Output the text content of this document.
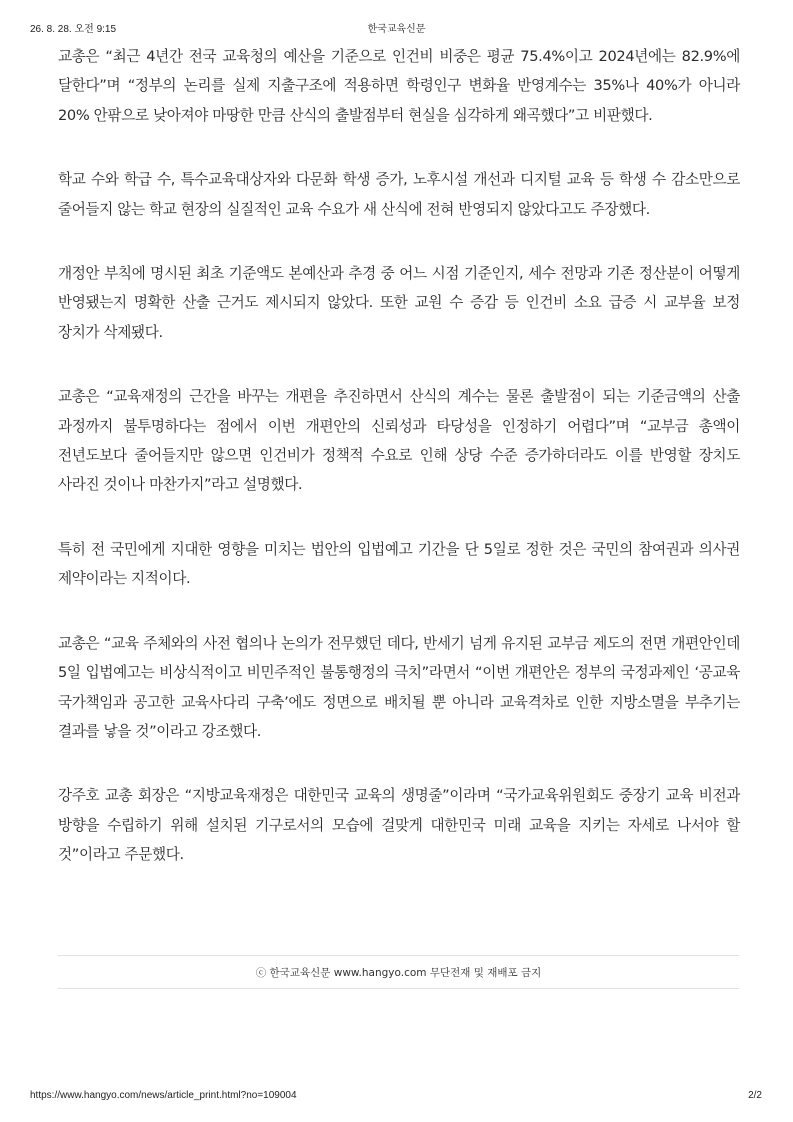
26. 8. 28. 오전 9:15	한국교육신문

교총은 “최근 4년간 전국 교육청의 예산을 기준으로 인건비 비중은 평균 75.4%이고 2024년에는 82.9%에 달한다”며 “정부의 논리를 실제 지출구조에 적용하면 학령인구 변화율 반영계수는 35%나 40%가 아니라 20% 안팎으로 낮아져야 마땅한 만큼 산식의 출발점부터 현실을 심각하게 왜곡했다”고 비판했다.

학교 수와 학급 수, 특수교육대상자와 다문화 학생 증가, 노후시설 개선과 디지털 교육 등 학생 수 감소만으로 줄어들지 않는 학교 현장의 실질적인 교육 수요가 새 산식에 전혀 반영되지 않았다고도 주장했다.

개정안 부칙에 명시된 최초 기준액도 본예산과 추경 중 어느 시점 기준인지, 세수 전망과 기존 정산분이 어떻게 반영됐는지 명확한 산출 근거도 제시되지 않았다. 또한 교원 수 증감 등 인건비 소요 급증 시 교부율 보정 장치가 삭제됐다.

교총은 “교육재정의 근간을 바꾸는 개편을 추진하면서 산식의 계수는 물론 출발점이 되는 기준금액의 산출 과정까지 불투명하다는 점에서 이번 개편안의 신뢰성과 타당성을 인정하기 어렵다”며 “교부금 총액이 전년도보다 줄어들지만 않으면 인건비가 정책적 수요로 인해 상당 수준 증가하더라도 이를 반영할 장치도 사라진 것이나 마찬가지”라고 설명했다.

특히 전 국민에게 지대한 영향을 미치는 법안의 입법예고 기간을 단 5일로 정한 것은 국민의 참여권과 의사권 제약이라는 지적이다.

교총은 “교육 주체와의 사전 협의나 논의가 전무했던 데다, 반세기 넘게 유지된 교부금 제도의 전면 개편안인데 5일 입법예고는 비상식적이고 비민주적인 불통행정의 극치”라면서 “이번 개편안은 정부의 국정과제인 ‘공교육 국가책임과 공고한 교육사다리 구축’에도 정면으로 배치될 뿐 아니라 교육격차로 인한 지방소멸을 부추기는 결과를 낳을 것”이라고 강조했다.

강주호 교총 회장은 “지방교육재정은 대한민국 교육의 생명줄”이라며 “국가교육위원회도 중장기 교육 비전과 방향을 수립하기 위해 설치된 기구로서의 모습에 걸맞게 대한민국 미래 교육을 지키는 자세로 나서야 할 것”이라고 주문했다.

ⓒ 한국교육신문 www.hangyo.com 무단전재 및 재배포 금지
https://www.hangyo.com/news/article_print.html?no=109004	2/2
